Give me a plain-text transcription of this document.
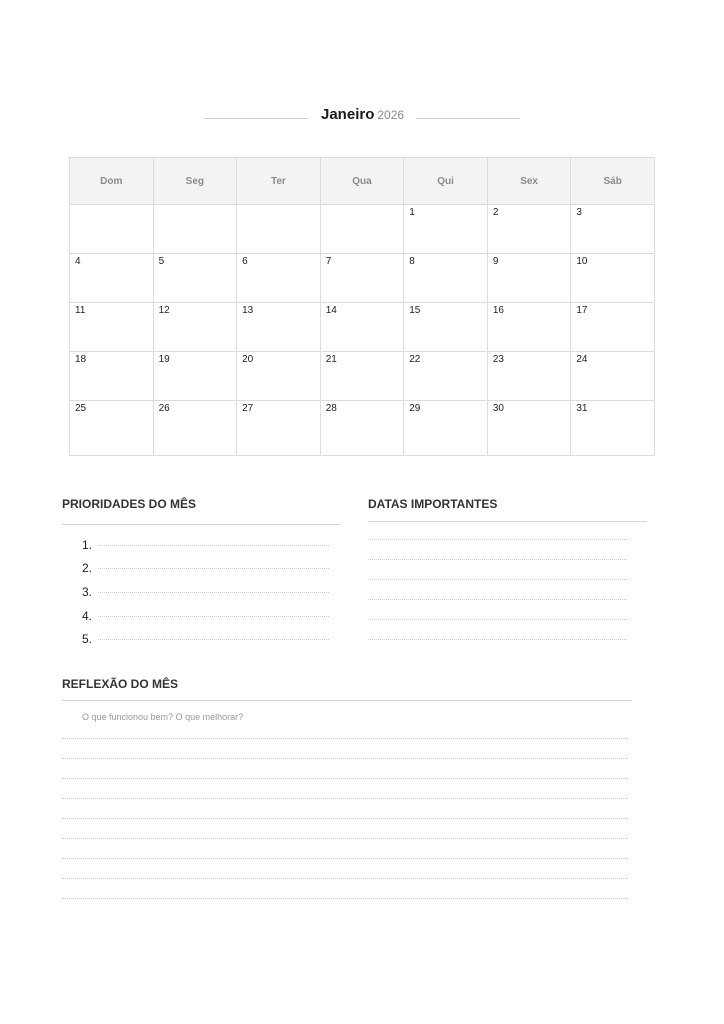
Janeiro 2026
Dom	Seg	Ter	Qua	Qui	Sex	Sáb

				1	2	3

4	5	6	7	8	9	10

11	12	13	14	15	16	17

18	19	20	21	22	23	24

25	26	27	28	29	30	31
PRIORIDADES DO MÊS
1.
2.
3.
4.
5.
DATAS IMPORTANTES
REFLEXÃO DO MÊS
O que funcionou bem? O que melhorar?
